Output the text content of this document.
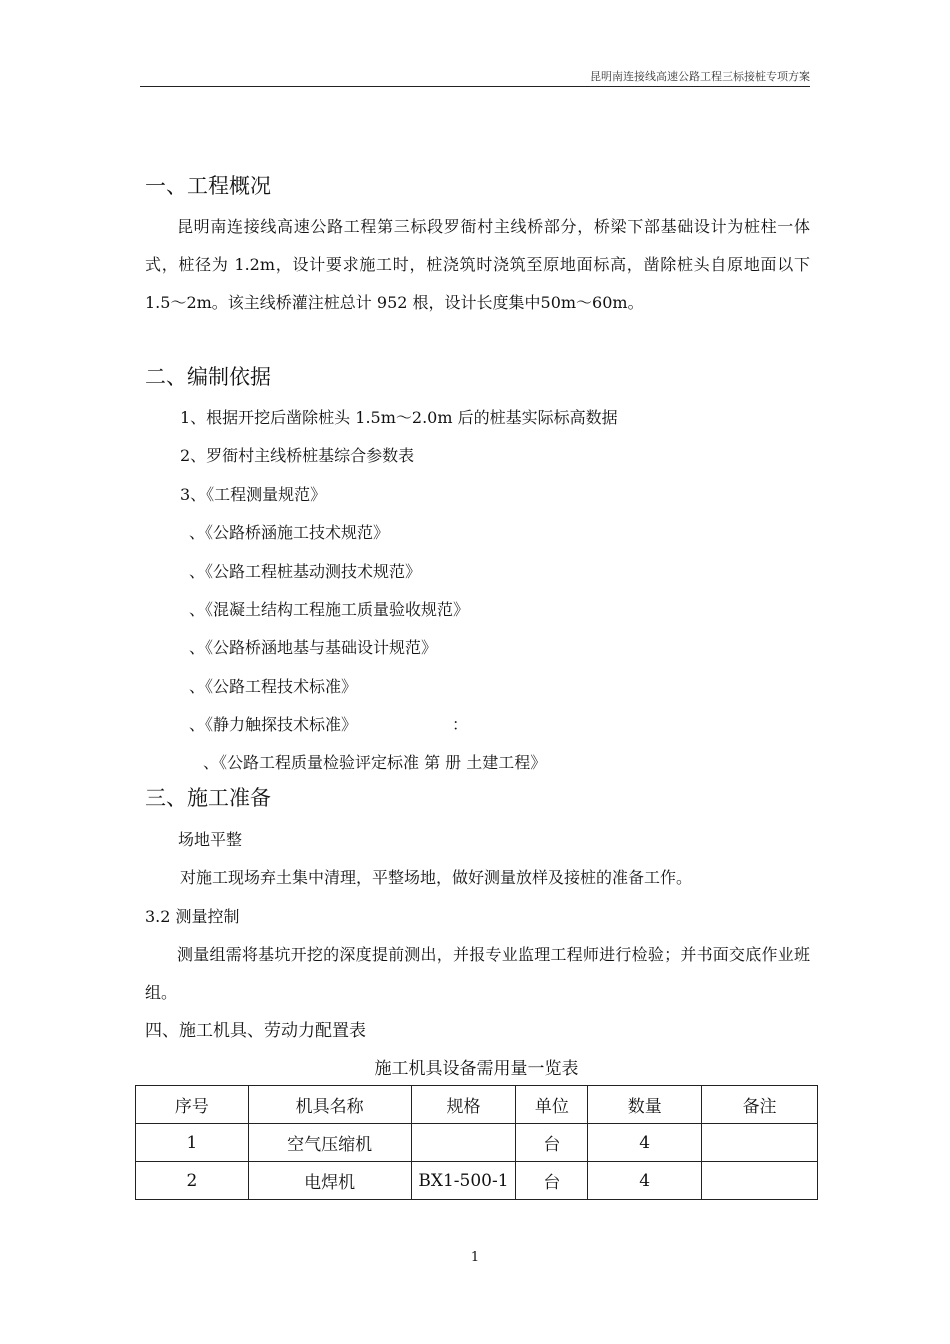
昆明南连接线高速公路工程三标接桩专项方案
一、工程概况
昆明南连接线高速公路工程第三标段罗衙村主线桥部分，桥梁下部基础设计为桩柱一体式，桩径为 1.2m，设计要求施工时，桩浇筑时浇筑至原地面标高，凿除桩头自原地面以下 1.5～2m。该主线桥灌注桩总计 952 根，设计长度集中50m～60m。
二、编制依据
1、根据开挖后凿除桩头 1.5m～2.0m 后的桩基实际标高数据
2、罗衙村主线桥桩基综合参数表
3、《工程测量规范》
、《公路桥涵施工技术规范》
、《公路工程桩基动测技术规范》
、《混凝土结构工程施工质量验收规范》
、《公路桥涵地基与基础设计规范》
、《公路工程技术标准》
、《静力触探技术标准》	：
、《公路工程质量检验评定标准 第 册 土建工程》
三、施工准备
场地平整
对施工现场弃土集中清理，平整场地，做好测量放样及接桩的准备工作。
3.2 测量控制
测量组需将基坑开挖的深度提前测出，并报专业监理工程师进行检验；并书面交底作业班组。
四、施工机具、劳动力配置表
施工机具设备需用量一览表
序号	机具名称	规格	单位	数量	备注
1	空气压缩机		台	4	
2	电焊机	BX1-500-1	台	4	
1
